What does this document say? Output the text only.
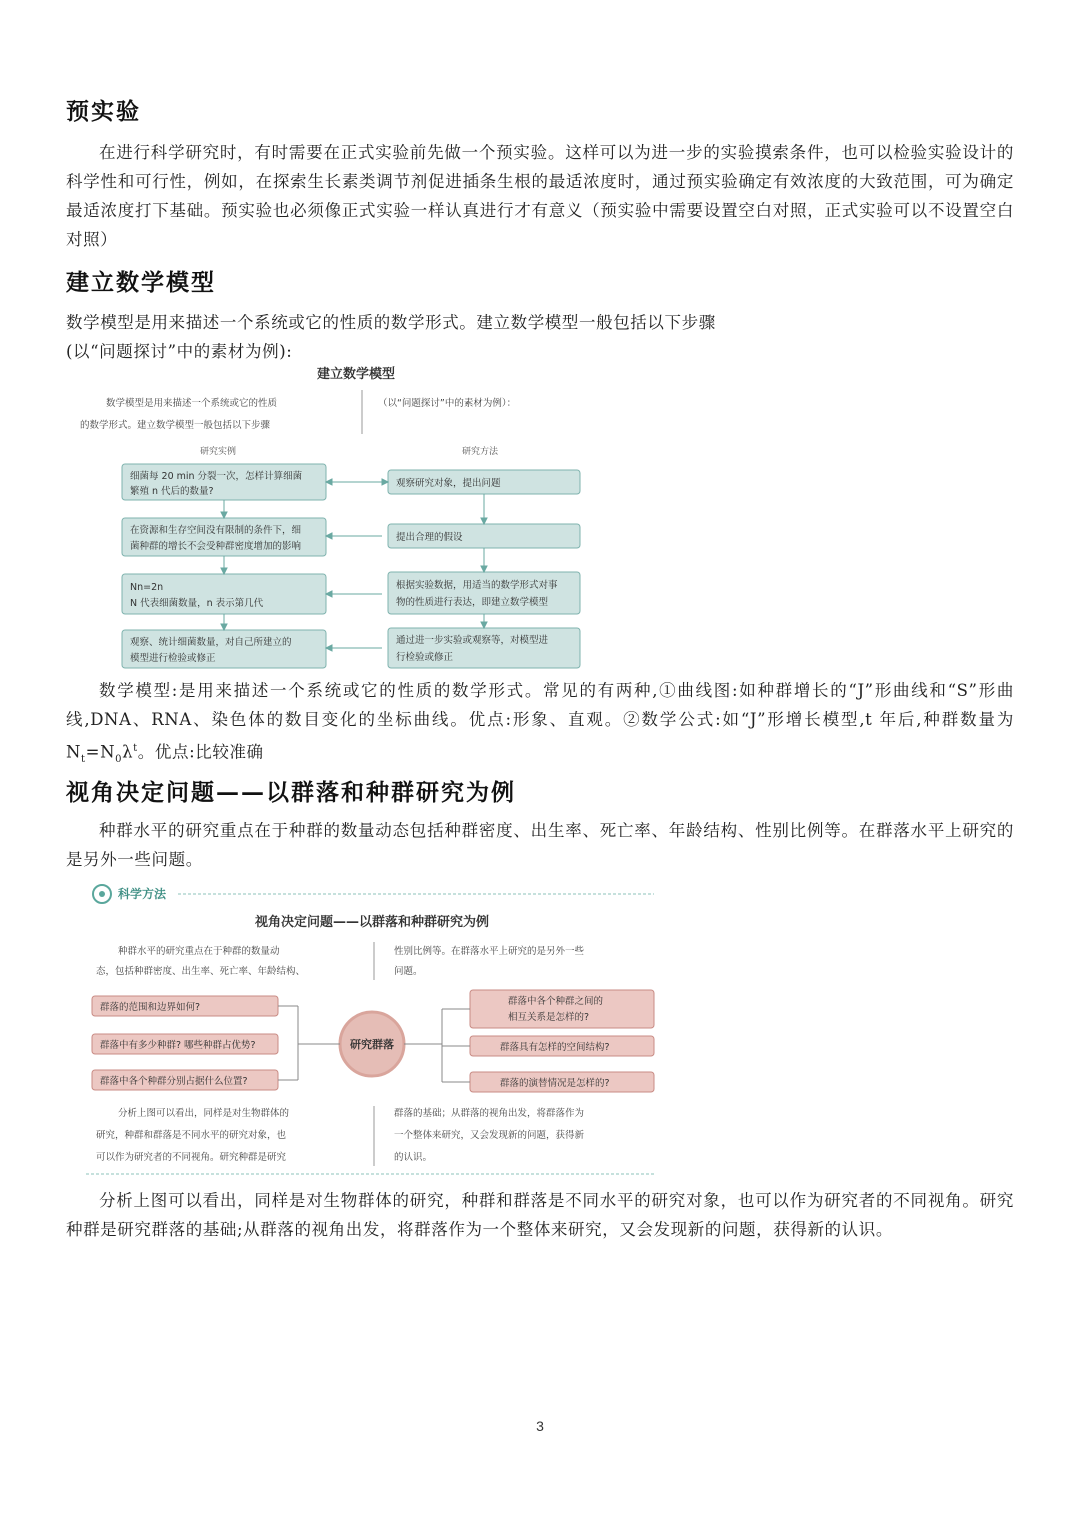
预实验

在进行科学研究时，有时需要在正式实验前先做一个预实验。这样可以为进一步的实验摸索条件，也可以检验实验设计的科学性和可行性，例如，在探索生长素类调节剂促进插条生根的最适浓度时，通过预实验确定有效浓度的大致范围，可为确定最适浓度打下基础。预实验也必须像正式实验一样认真进行才有意义（预实验中需要设置空白对照，正式实验可以不设置空白对照）

建立数学模型

数学模型是用来描述一个系统或它的性质的数学形式。建立数学模型一般包括以下步骤

(以“问题探讨”中的素材为例):

建立数学模型
数学模型是用来描述一个系统或它的性质
的数学形式。建立数学模型一般包括以下步骤
（以“问题探讨”中的素材为例）：
研究实例	研究方法
细菌每 20 min 分裂一次，怎样计算细菌
繁殖 n 代后的数量?
在资源和生存空间没有限制的条件下，细
菌种群的增长不会受种群密度增加的影响
Nn=2n
N 代表细菌数量，n 表示第几代
观察、统计细菌数量，对自己所建立的
模型进行检验或修正
观察研究对象，提出问题
提出合理的假设
根据实验数据，用适当的数学形式对事
物的性质进行表达，即建立数学模型
通过进一步实验或观察等，对模型进
行检验或修正

数学模型:是用来描述一个系统或它的性质的数学形式。常见的有两种,①曲线图:如种群增长的“J”形曲线和“S”形曲线,DNA、RNA、染色体的数目变化的坐标曲线。优点:形象、直观。②数学公式:如“J”形增长模型,t 年后,种群数量为 $N_t=N_0\lambda^t$。优点:比较准确

视角决定问题——以群落和种群研究为例

种群水平的研究重点在于种群的数量动态包括种群密度、出生率、死亡率、年龄结构、性别比例等。在群落水平上研究的是另外一些问题。

科学方法
视角决定问题——以群落和种群研究为例
种群水平的研究重点在于种群的数量动
态，包括种群密度、出生率、死亡率、年龄结构、
性别比例等。在群落水平上研究的是另外一些
问题。
研究群落
群落的范围和边界如何?
群落中有多少种群? 哪些种群占优势?
群落中各个种群分别占据什么位置?
群落中各个种群之间的
相互关系是怎样的?
群落具有怎样的空间结构?
群落的演替情况是怎样的?
分析上图可以看出，同样是对生物群体的
研究，种群和群落是不同水平的研究对象，也
可以作为研究者的不同视角。研究种群是研究
群落的基础；从群落的视角出发，将群落作为
一个整体来研究，又会发现新的问题，获得新
的认识。

分析上图可以看出，同样是对生物群体的研究，种群和群落是不同水平的研究对象，也可以作为研究者的不同视角。研究种群是研究群落的基础;从群落的视角出发，将群落作为一个整体来研究，又会发现新的问题，获得新的认识。

3
